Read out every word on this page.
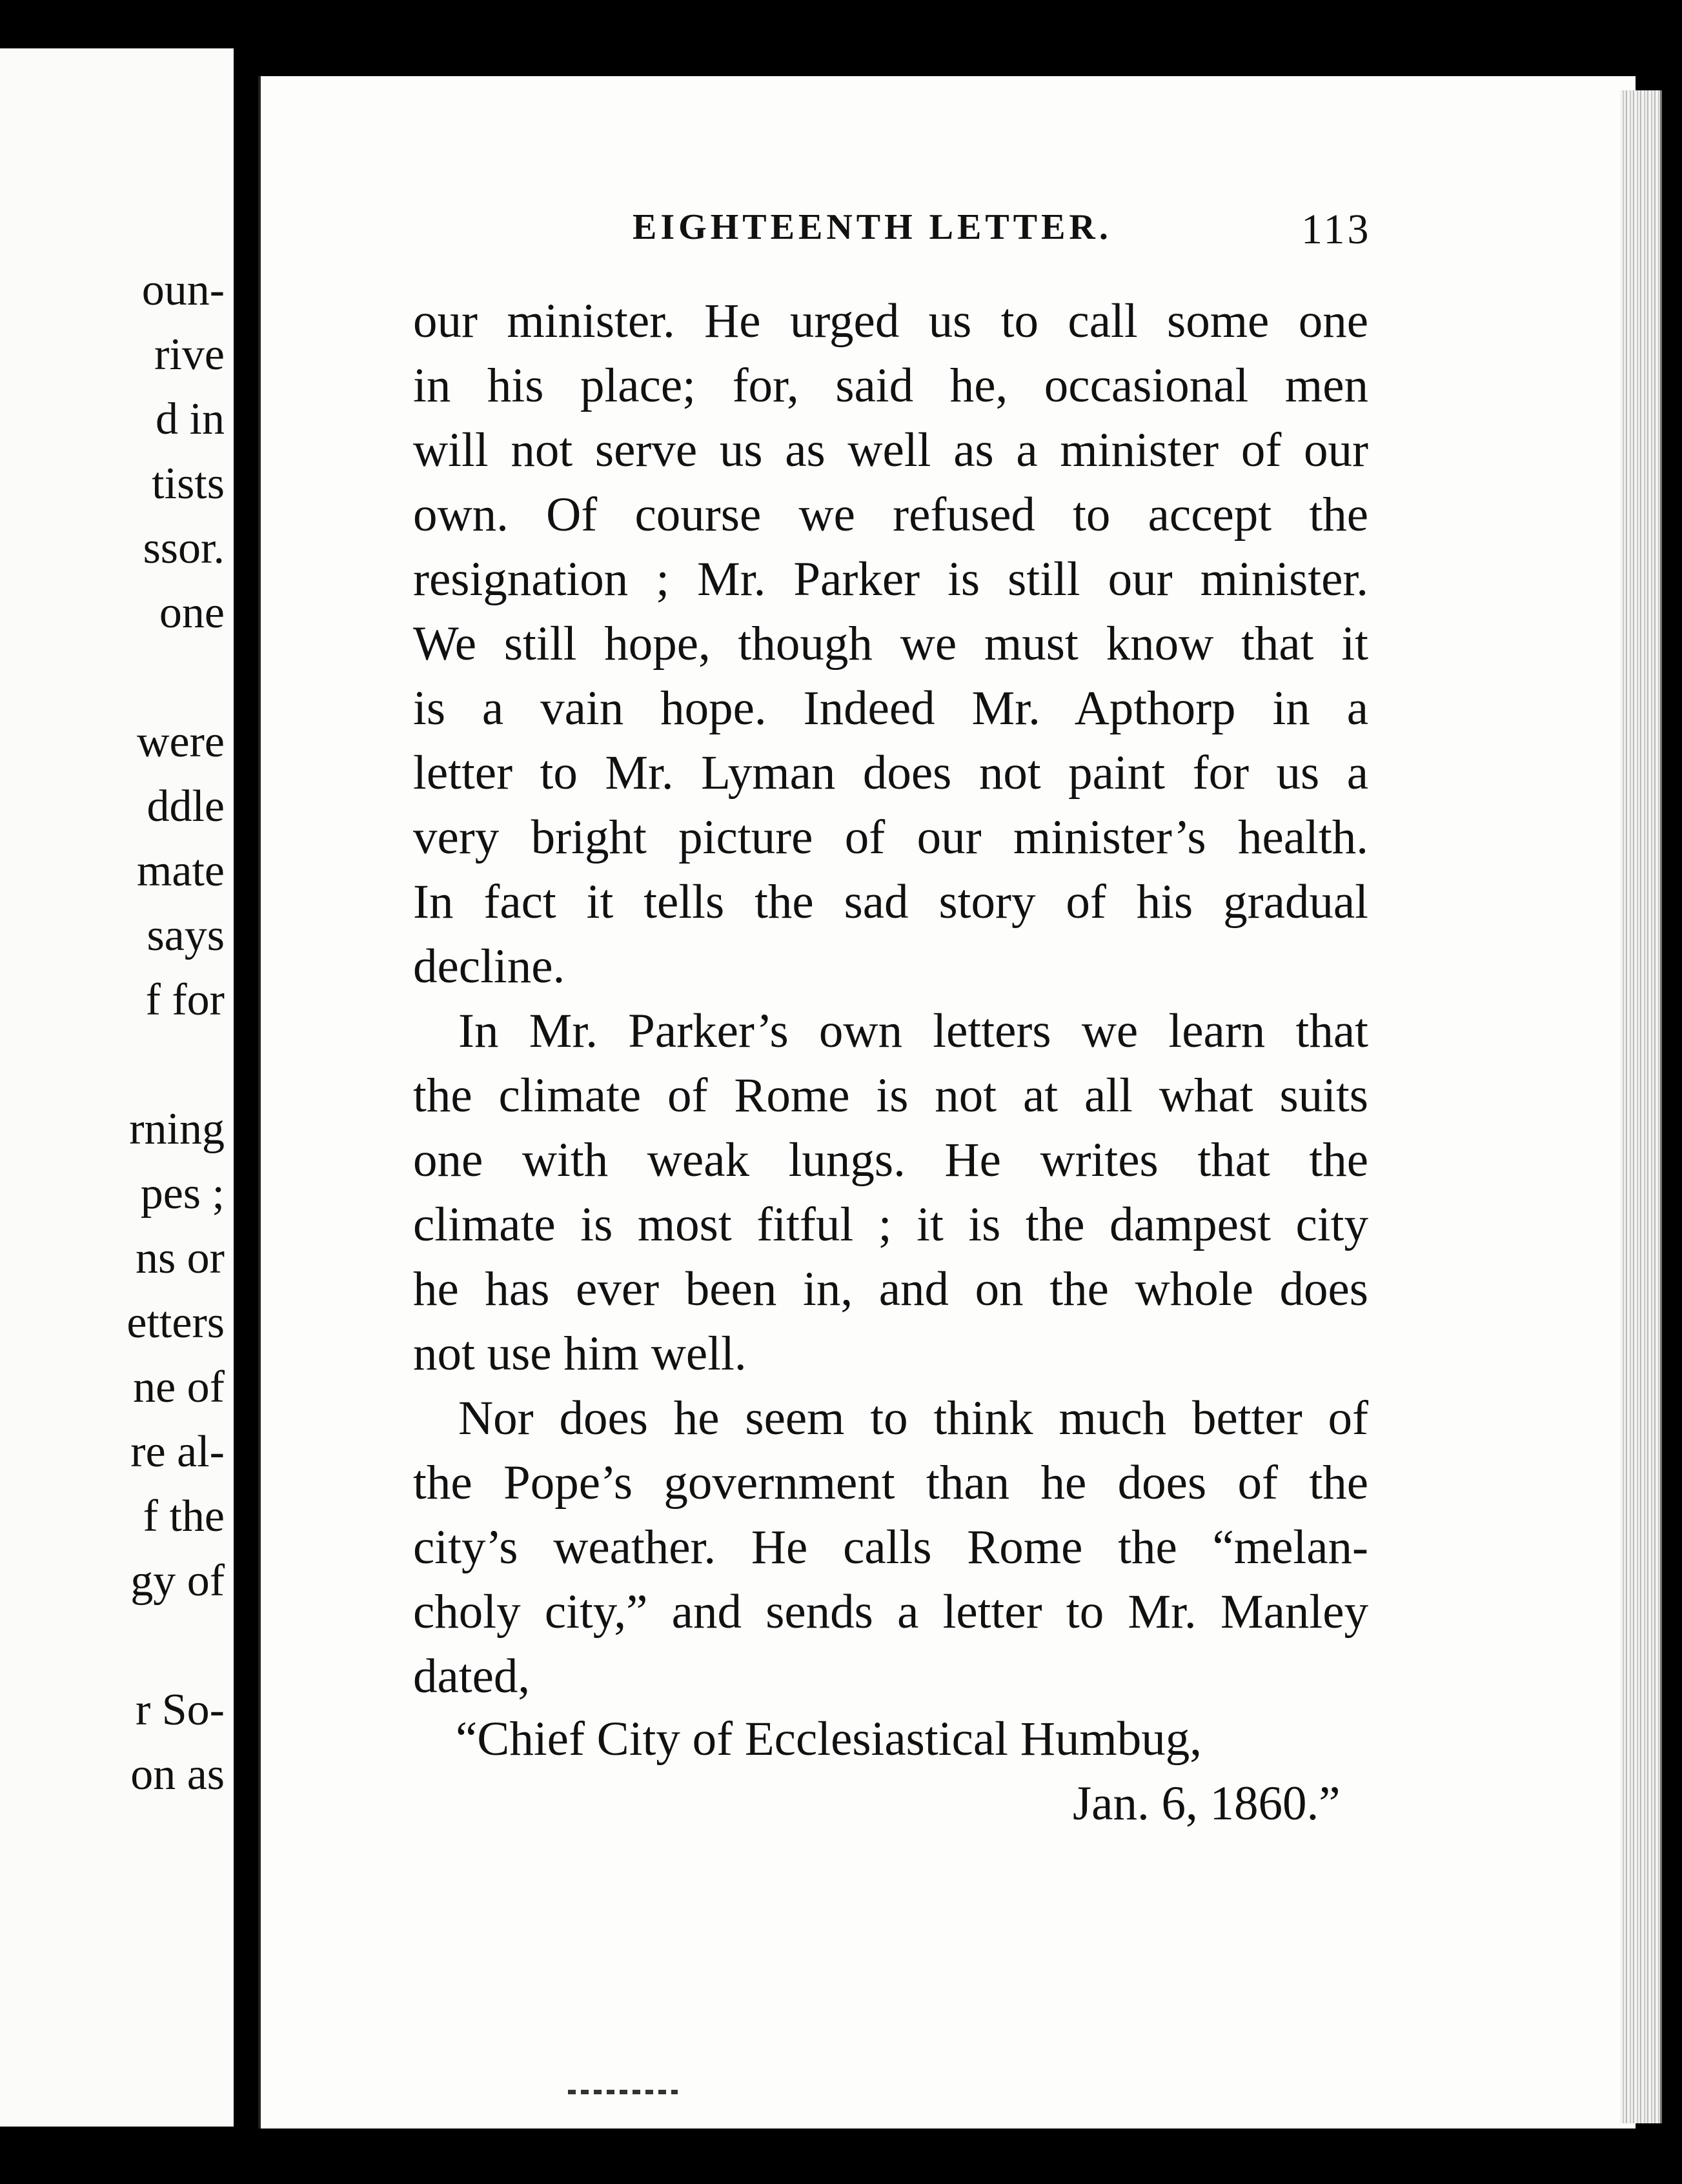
oun-
rive
d in
tists
ssor.
one
were
ddle
mate
says
f for
rning
pes ;
ns or
etters
ne of
re al-
f the
gy of
r So-
on as
EIGHTEENTH LETTER.	113
our minister. He urged us to call some one
in his place; for, said he, occasional men
will not serve us as well as a minister of our
own. Of course we refused to accept the
resignation ; Mr. Parker is still our minister.
We still hope, though we must know that it
is a vain hope. Indeed Mr. Apthorp in a
letter to Mr. Lyman does not paint for us a
very bright picture of our minister’s health.
In fact it tells the sad story of his gradual
decline.
In Mr. Parker’s own letters we learn that
the climate of Rome is not at all what suits
one with weak lungs. He writes that the
climate is most fitful ; it is the dampest city
he has ever been in, and on the whole does
not use him well.
Nor does he seem to think much better of
the Pope’s government than he does of the
city’s weather. He calls Rome the “melan-
choly city,” and sends a letter to Mr. Manley
dated,
“Chief City of Ecclesiastical Humbug,
Jan. 6, 1860.”
